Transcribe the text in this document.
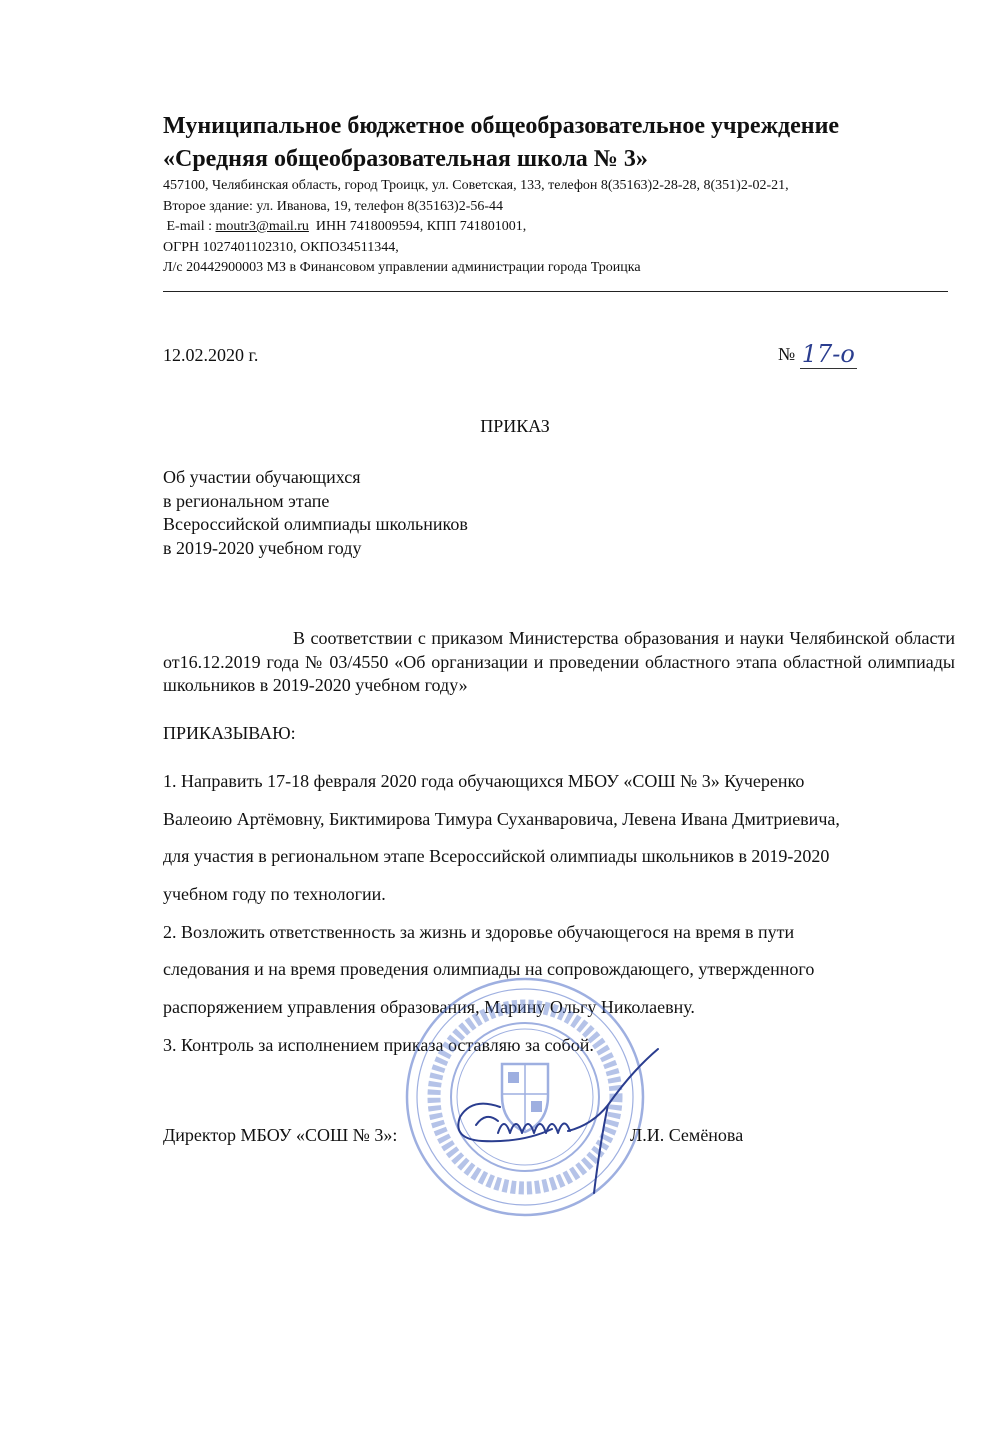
Муниципальное бюджетное общеобразовательное учреждение
«Средняя общеобразовательная школа № 3»
457100, Челябинская область, город Троицк, ул. Советская, 133, телефон 8(35163)2-28-28, 8(351)2-02-21,
Второе здание: ул. Иванова, 19, телефон 8(35163)2-56-44
E-mail : moutr3@mail.ru ИНН 7418009594, КПП 741801001,
ОГРН 1027401102310, ОКПО34511344,
Л/с 20442900003 МЗ в Финансовом управлении администрации города Троицка
12.02.2020 г.	№ 17-о
ПРИКАЗ
Об участии обучающихся
в региональном этапе
Всероссийской олимпиады школьников
в 2019-2020 учебном году
В соответствии с приказом Министерства образования и науки Челябинской области от16.12.2019 года № 03/4550 «Об организации и проведении областного этапа областной олимпиады школьников в 2019-2020 учебном году»
ПРИКАЗЫВАЮ:
1. Направить 17-18 февраля 2020 года обучающихся МБОУ «СОШ № 3» Кучеренко
Валеоию Артёмовну, Биктимирова Тимура Суханваровича, Левена Ивана Дмитриевича,
для участия в региональном этапе Всероссийской олимпиады школьников в 2019-2020
учебном году по технологии.
2. Возложить ответственность за жизнь и здоровье обучающегося на время в пути
следования и на время проведения олимпиады на сопровождающего, утвержденного
распоряжением управления образования, Марину Ольгу Николаевну.
3. Контроль за исполнением приказа оставляю за собой.
Директор МБОУ «СОШ № 3»:	Л.И. Семёнова
